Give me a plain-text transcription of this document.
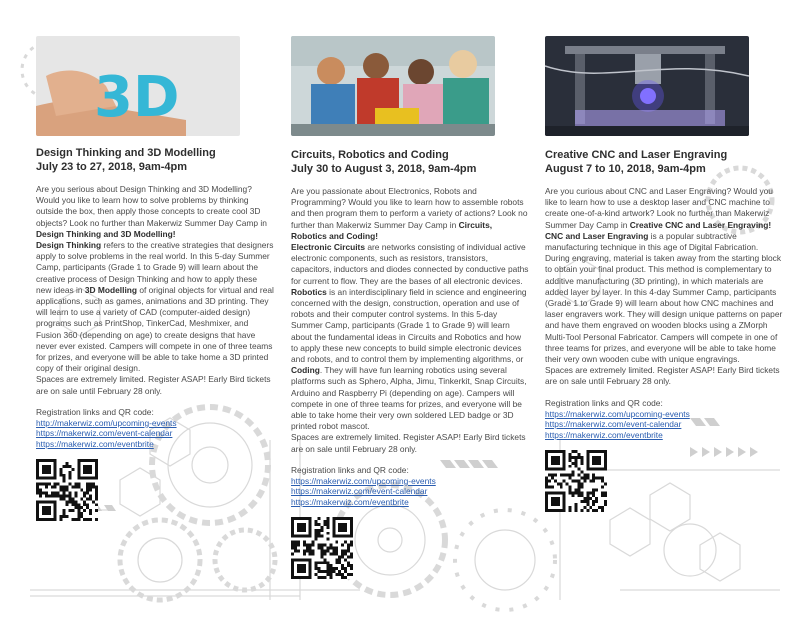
3D
Design Thinking and 3D Modelling
July 23 to 27, 2018, 9am-4pm

Are you serious about Design Thinking and 3D Modelling? Would you like to learn how to solve problems by thinking outside the box, then apply those concepts to create cool 3D objects? Look no further than Makerwiz Summer Day Camp in Design Thinking and 3D Modelling!

Design Thinking refers to the creative strategies that designers apply to solve problems in the real world. In this 5-day Summer Camp, participants (Grade 1 to Grade 9) will learn about the creative process of Design Thinking and how to apply these new ideas in 3D Modelling of original objects for virtual and real applications, such as games, animations and 3D printing. They will learn to use a variety of CAD (computer-aided design) programs such as PrintShop, TinkerCad, Meshmixer, and Fusion 360 (depending on age) to create designs that have never ever existed. Campers will compete in one of three teams for prizes, and everyone will be able to take home a 3D printed copy of their original design.

Spaces are extremely limited. Register ASAP! Early Bird tickets are on sale until February 28 only.

Registration links and QR code:
http://makerwiz.com/upcoming-events
https://makerwiz.com/event-calendar
https://makerwiz.com/eventbrite
Circuits, Robotics and Coding
July 30 to August 3, 2018, 9am-4pm

Are you passionate about Electronics, Robots and Programming? Would you like to learn how to assemble robots and then program them to perform a variety of actions? Look no further than Makerwiz Summer Day Camp in Circuits, Robotics and Coding!

Electronic Circuits are networks consisting of individual active electronic components, such as resistors, transistors, capacitors, inductors and diodes connected by conductive paths for current to flow. They are the bases of all electronic devices. Robotics is an interdisciplinary field in science and engineering concerned with the design, construction, operation and use of robots and their computer control systems. In this 5-day Summer Camp, participants (Grade 1 to Grade 9) will learn about the fundamental ideas in Circuits and Robotics and how to apply these new concepts to build simple electronic devices and robots, and to control them by implementing algorithms, or Coding. They will have fun learning robotics using several platforms such as Sphero, Alpha, Jimu, Tinkerkit, Snap Circuits, Arduino and Raspberry Pi (depending on age). Campers will compete in one of three teams for prizes, and everyone will be able to take home their very own soldered LED badge or 3D printed robot mascot.

Spaces are extremely limited. Register ASAP! Early Bird tickets are on sale until February 28 only.

Registration links and QR code:
https://makerwiz.com/upcoming-events
https://makerwiz.com/event-calendar
https://makerwiz.com/eventbrite
Creative CNC and Laser Engraving
August 7 to 10, 2018, 9am-4pm

Are you curious about CNC and Laser Engraving? Would you like to learn how to use a desktop laser and CNC machine to create one-of-a-kind artwork? Look no further than Makerwiz Summer Day Camp in Creative CNC and Laser Engraving!

CNC and Laser Engraving is a popular subtractive manufacturing technique in this age of Digital Fabrication. During engraving, material is taken away from the starting block to obtain your final product. This method is complementary to additive manufacturing (3D printing), in which materials are added layer by layer. In this 4-day Summer Camp, participants (Grade 1 to Grade 9) will learn about how CNC machines and laser engravers work. They will design unique patterns on paper and have them engraved on wooden blocks using a ZMorph Multi-Tool Personal Fabricator. Campers will compete in one of three teams for prizes, and everyone will be able to take home their very own wooden cube with unique engravings.

Spaces are extremely limited. Register ASAP! Early Bird tickets are on sale until February 28 only.

Registration links and QR code:
https://makerwiz.com/upcoming-events
https://makerwiz.com/event-calendar
https://makerwiz.com/eventbrite
